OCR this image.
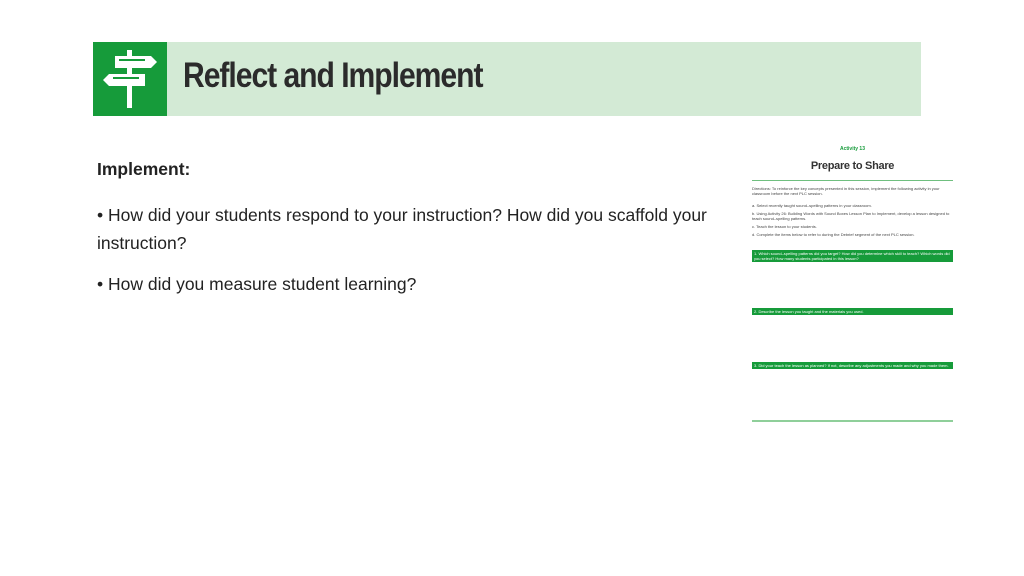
Reflect and Implement
Implement:
• How did your students respond to your instruction? How did you scaffold your instruction?
• How did you measure student learning?
Activity 13
Prepare to Share
Directions: To reinforce the key concepts presented in this session, implement the following activity in your classroom before the next PLC session.
a. Select recently taught sound–spelling patterns in your classroom.
b. Using Activity 26: Building Words with Sound Boxes Lesson Plan to Implement, develop a lesson designed to teach sound–spelling patterns.
c. Teach the lesson to your students.
d. Complete the items below to refer to during the Debrief segment of the next PLC session.
1. Which sound–spelling patterns did you target? How did you determine which skill to teach? Which words did you select? How many students participated in this lesson?
2. Describe the lesson you taught and the materials you used.
3. Did your teach the lesson as planned? If not, describe any adjustments you made and why you made them.
